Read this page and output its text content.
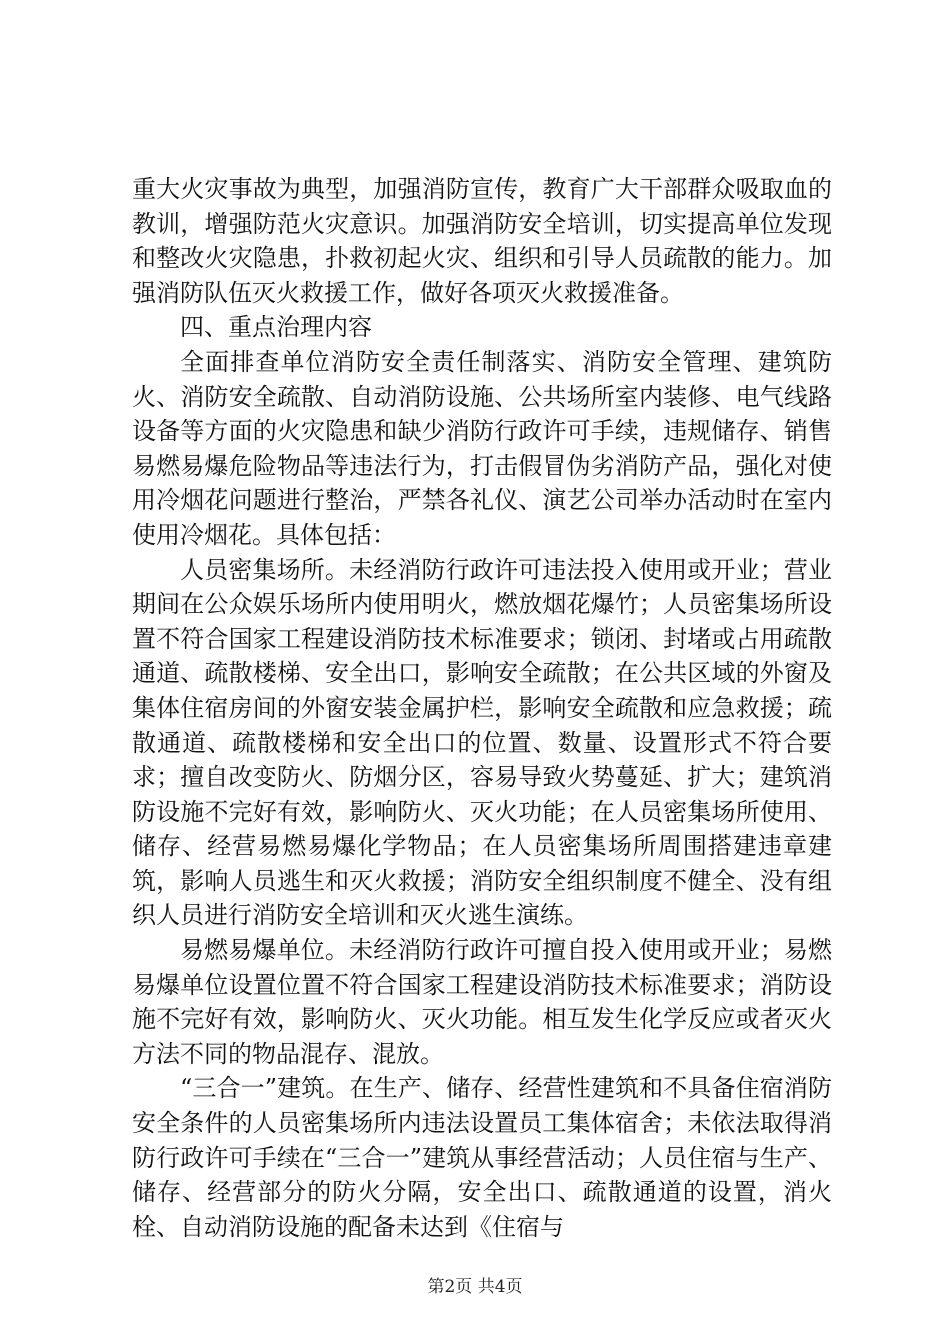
重大火灾事故为典型，加强消防宣传，教育广大干部群众吸取血的教训，增强防范火灾意识。加强消防安全培训，切实提高单位发现和整改火灾隐患，扑救初起火灾、组织和引导人员疏散的能力。加强消防队伍灭火救援工作，做好各项灭火救援准备。

四、重点治理内容

全面排查单位消防安全责任制落实、消防安全管理、建筑防火、消防安全疏散、自动消防设施、公共场所室内装修、电气线路设备等方面的火灾隐患和缺少消防行政许可手续，违规储存、销售易燃易爆危险物品等违法行为，打击假冒伪劣消防产品，强化对使用冷烟花问题进行整治，严禁各礼仪、演艺公司举办活动时在室内使用冷烟花。具体包括：

人员密集场所。未经消防行政许可违法投入使用或开业；营业期间在公众娱乐场所内使用明火，燃放烟花爆竹；人员密集场所设置不符合国家工程建设消防技术标准要求；锁闭、封堵或占用疏散通道、疏散楼梯、安全出口，影响安全疏散；在公共区域的外窗及集体住宿房间的外窗安装金属护栏，影响安全疏散和应急救援；疏散通道、疏散楼梯和安全出口的位置、数量、设置形式不符合要求；擅自改变防火、防烟分区，容易导致火势蔓延、扩大；建筑消防设施不完好有效，影响防火、灭火功能；在人员密集场所使用、储存、经营易燃易爆化学物品；在人员密集场所周围搭建违章建筑，影响人员逃生和灭火救援；消防安全组织制度不健全、没有组织人员进行消防安全培训和灭火逃生演练。

易燃易爆单位。未经消防行政许可擅自投入使用或开业；易燃易爆单位设置位置不符合国家工程建设消防技术标准要求；消防设施不完好有效，影响防火、灭火功能。相互发生化学反应或者灭火方法不同的物品混存、混放。

“三合一”建筑。在生产、储存、经营性建筑和不具备住宿消防安全条件的人员密集场所内违法设置员工集体宿舍；未依法取得消防行政许可手续在“三合一”建筑从事经营活动；人员住宿与生产、储存、经营部分的防火分隔，安全出口、疏散通道的设置，消火栓、自动消防设施的配备未达到《住宿与

第2页 共4页
